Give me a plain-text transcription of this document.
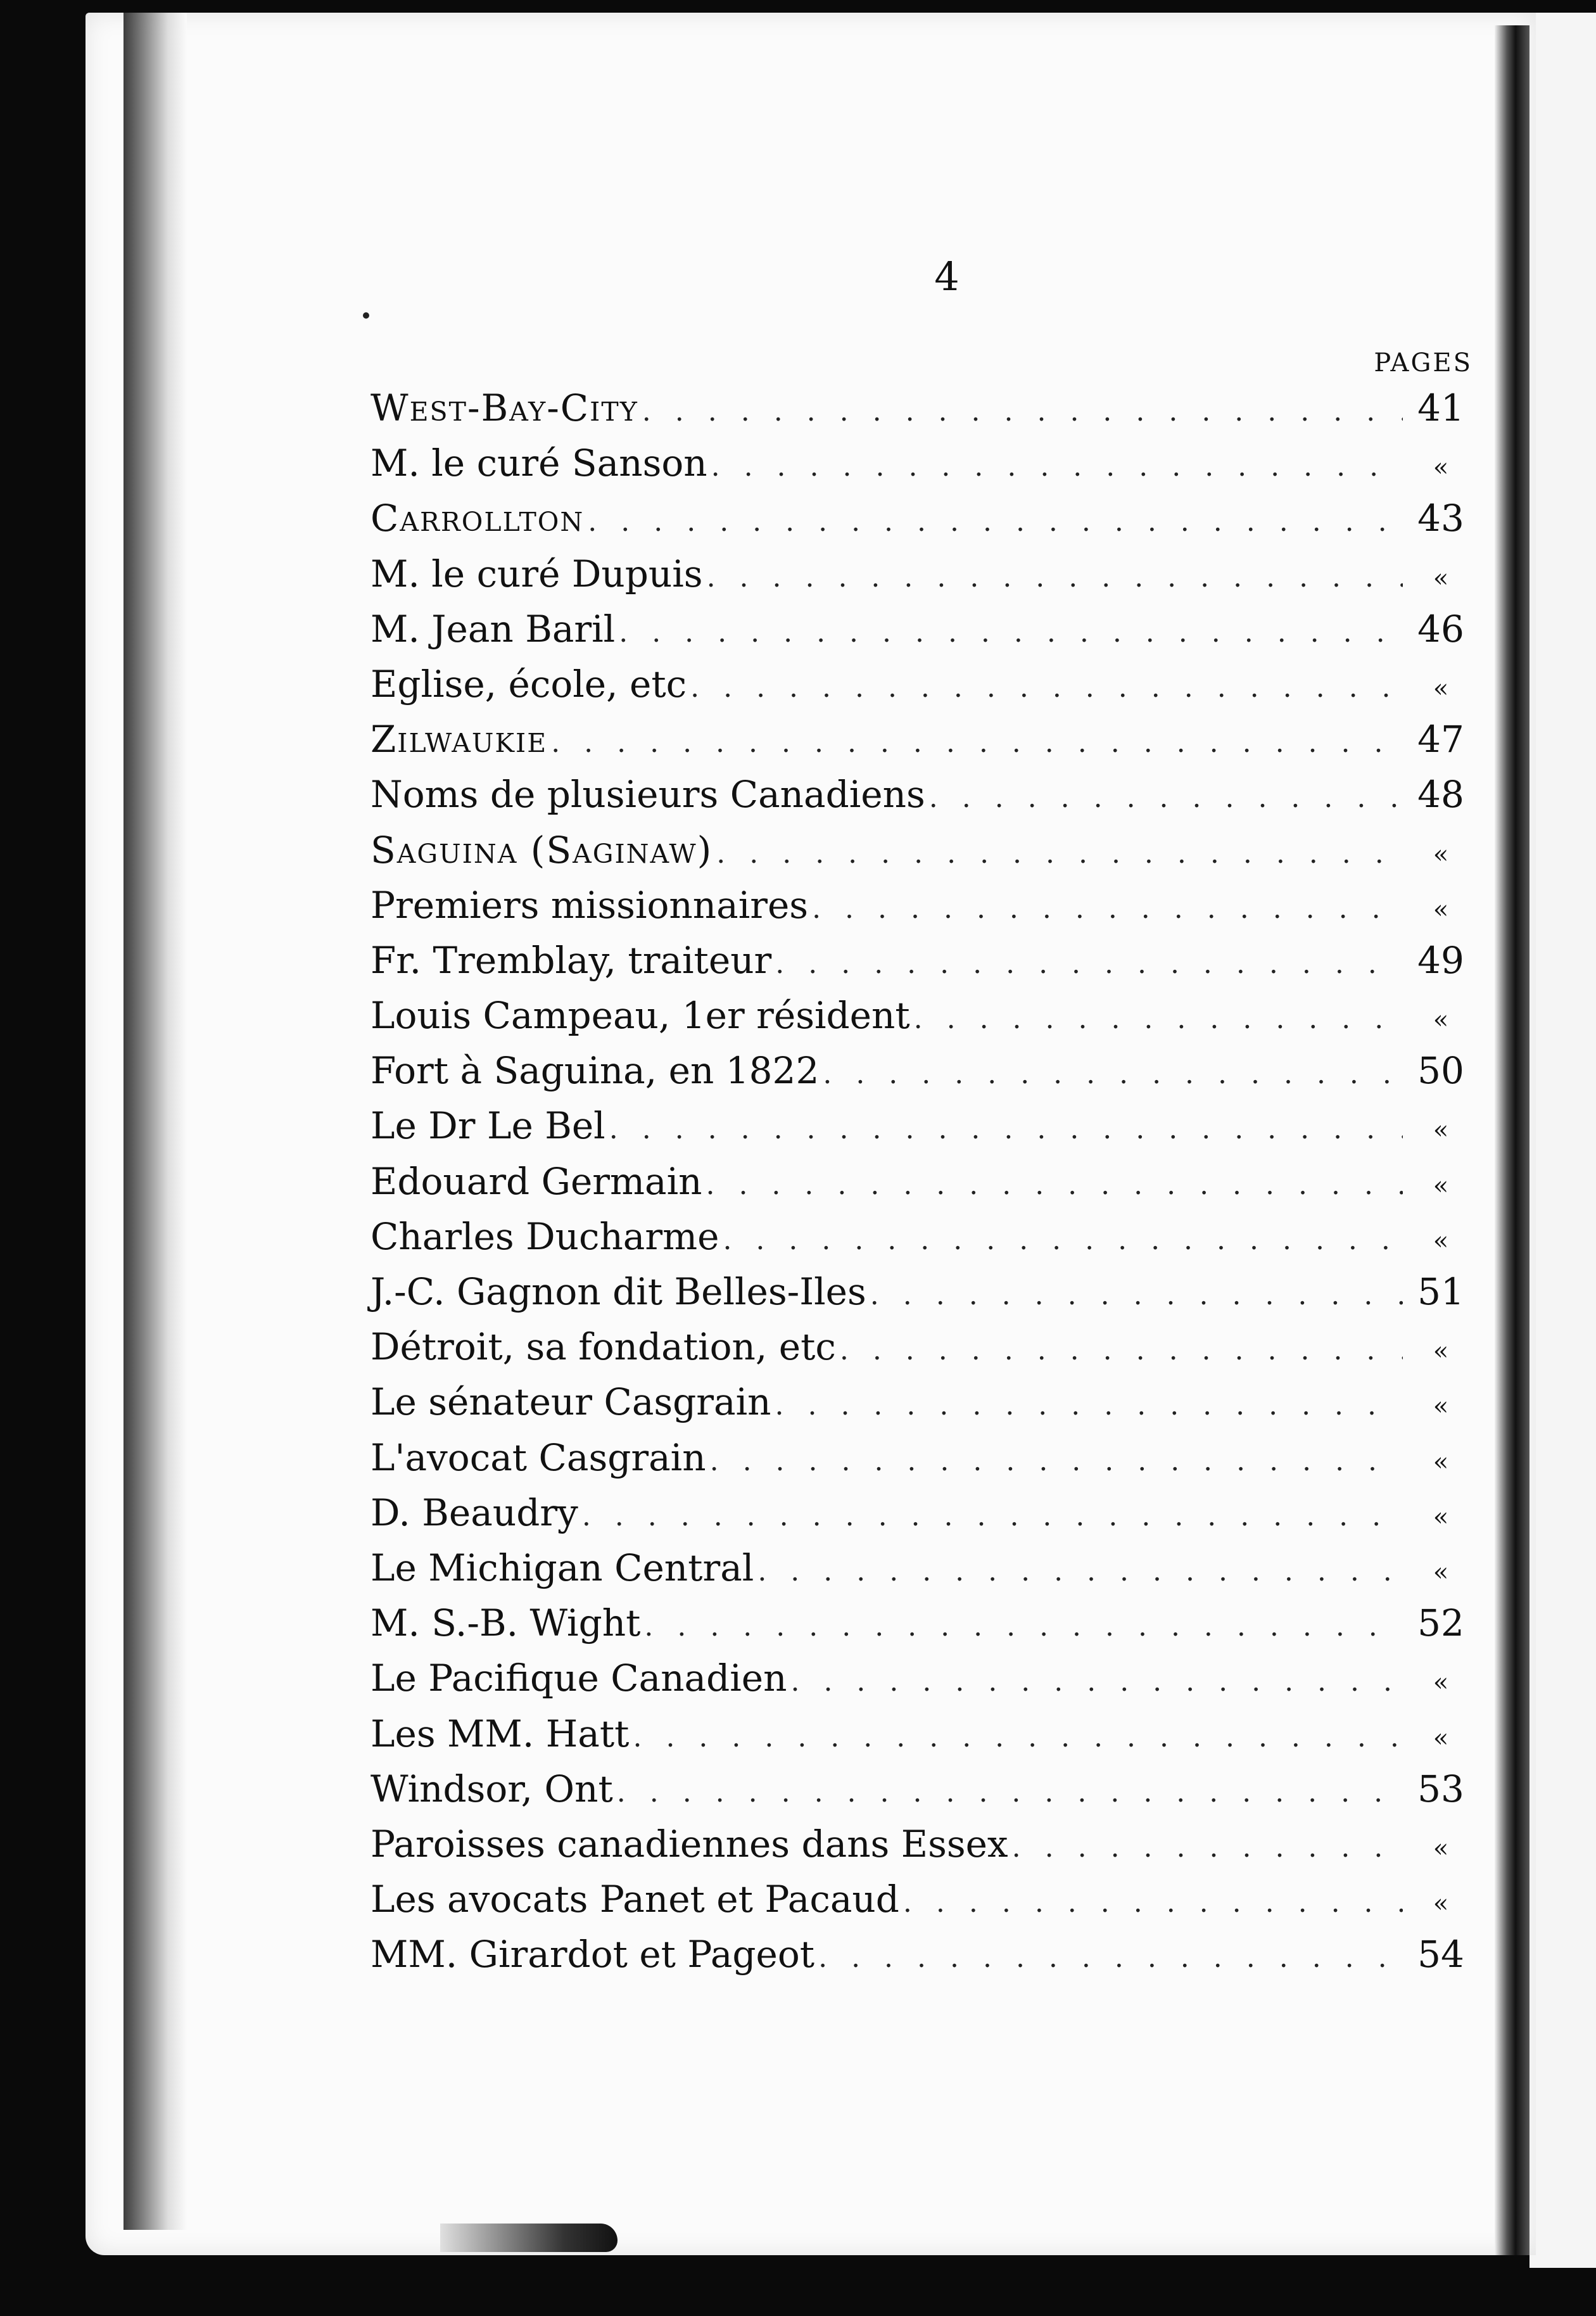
4
PAGES
West-Bay-City . . .	41
M. le curé Sanson . . .	«
Carrollton . . .	43
M. le curé Dupuis . . .	«
M. Jean Baril . . .	46
Eglise, école, etc . . .	«
Zilwaukie . . .	47
Noms de plusieurs Canadiens . . .	48
Saguina (Saginaw) . . .	«
Premiers missionnaires . . .	«
Fr. Tremblay, traiteur . . .	49
Louis Campeau, 1er résident . . .	«
Fort à Saguina, en 1822 . . .	50
Le Dr Le Bel . . .	«
Edouard Germain . . .	«
Charles Ducharme . . .	«
J.-C. Gagnon dit Belles-Iles . . .	51
Détroit, sa fondation, etc . . .	«
Le sénateur Casgrain . . .	«
L'avocat Casgrain . . .	«
D. Beaudry . . .	«
Le Michigan Central . . .	«
M. S.-B. Wight . . .	52
Le Pacifique Canadien . . .	«
Les MM. Hatt . . .	«
Windsor, Ont . . .	53
Paroisses canadiennes dans Essex . . .	«
Les avocats Panet et Pacaud . . .	«
MM. Girardot et Pageot . . .	54
